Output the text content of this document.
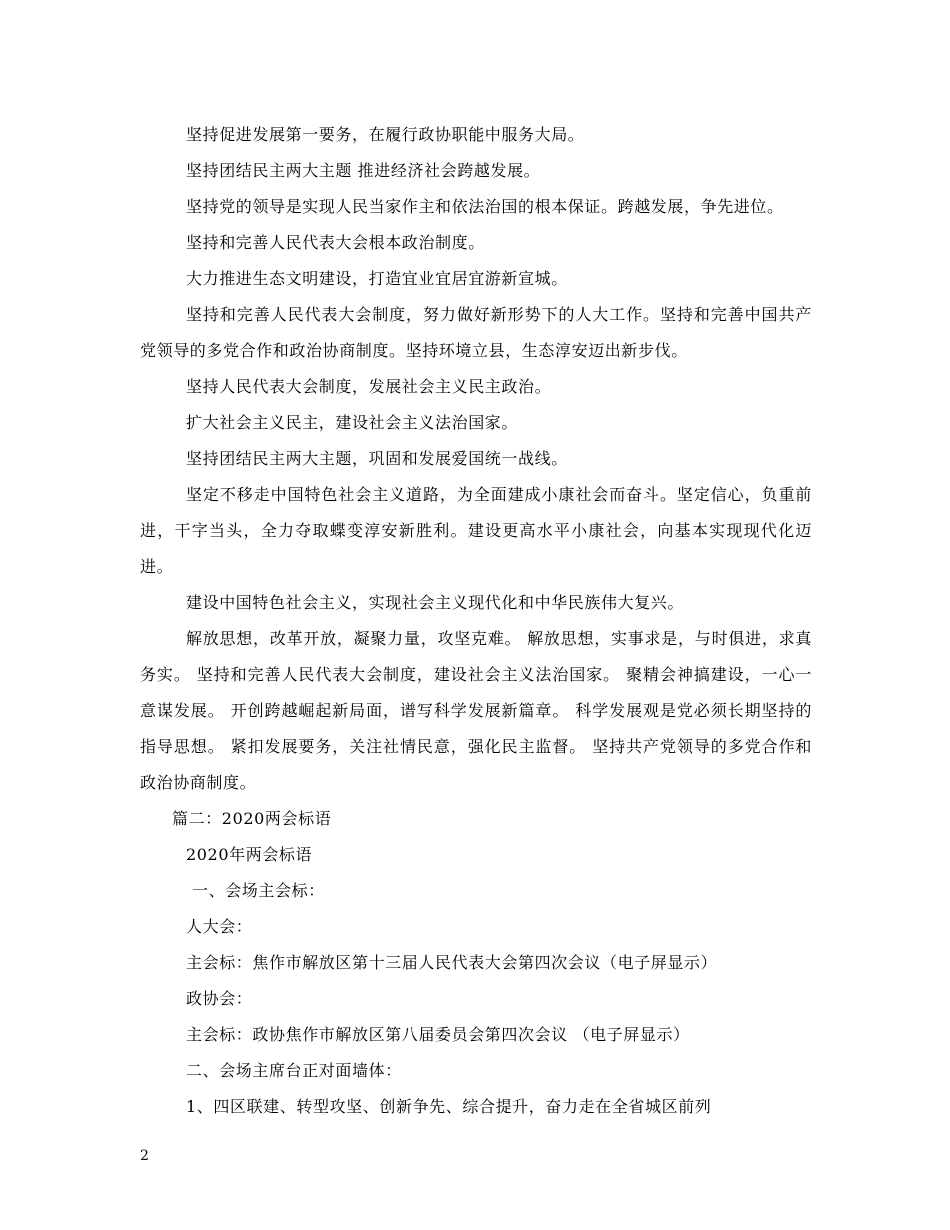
坚持促进发展第一要务，在履行政协职能中服务大局。

坚持团结民主两大主题 推进经济社会跨越发展。

坚持党的领导是实现人民当家作主和依法治国的根本保证。跨越发展，争先进位。

坚持和完善人民代表大会根本政治制度。

大力推进生态文明建设，打造宜业宜居宜游新宣城。

坚持和完善人民代表大会制度，努力做好新形势下的人大工作。坚持和完善中国共产党领导的多党合作和政治协商制度。坚持环境立县，生态淳安迈出新步伐。

坚持人民代表大会制度，发展社会主义民主政治。

扩大社会主义民主，建设社会主义法治国家。

坚持团结民主两大主题，巩固和发展爱国统一战线。

坚定不移走中国特色社会主义道路，为全面建成小康社会而奋斗。坚定信心，负重前进，干字当头，全力夺取蝶变淳安新胜利。建设更高水平小康社会，向基本实现现代化迈进。

建设中国特色社会主义，实现社会主义现代化和中华民族伟大复兴。

解放思想，改革开放，凝聚力量，攻坚克难。 解放思想，实事求是，与时俱进，求真务实。 坚持和完善人民代表大会制度，建设社会主义法治国家。 聚精会神搞建设，一心一意谋发展。 开创跨越崛起新局面，谱写科学发展新篇章。 科学发展观是党必须长期坚持的指导思想。 紧扣发展要务，关注社情民意，强化民主监督。 坚持共产党领导的多党合作和政治协商制度。

篇二：2020两会标语

2020年两会标语

一、会场主会标：

人大会：

主会标：焦作市解放区第十三届人民代表大会第四次会议（电子屏显示）

政协会：

主会标：政协焦作市解放区第八届委员会第四次会议 （电子屏显示）

二、会场主席台正对面墙体：

1、四区联建、转型攻坚、创新争先、综合提升，奋力走在全省城区前列

2
